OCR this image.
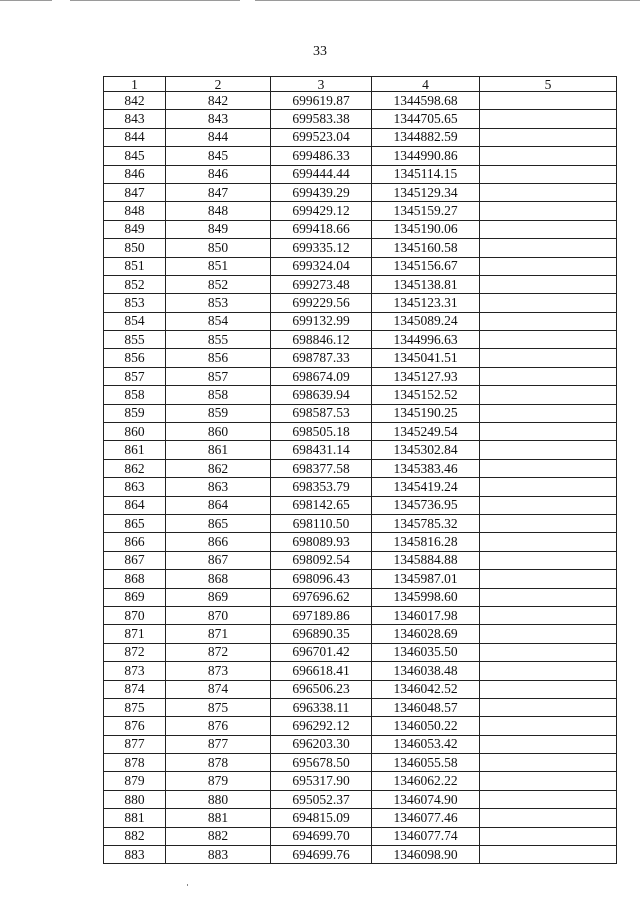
33
1	2	3	4	5
842	842	699619.87	1344598.68	
843	843	699583.38	1344705.65	
844	844	699523.04	1344882.59	
845	845	699486.33	1344990.86	
846	846	699444.44	1345114.15	
847	847	699439.29	1345129.34	
848	848	699429.12	1345159.27	
849	849	699418.66	1345190.06	
850	850	699335.12	1345160.58	
851	851	699324.04	1345156.67	
852	852	699273.48	1345138.81	
853	853	699229.56	1345123.31	
854	854	699132.99	1345089.24	
855	855	698846.12	1344996.63	
856	856	698787.33	1345041.51	
857	857	698674.09	1345127.93	
858	858	698639.94	1345152.52	
859	859	698587.53	1345190.25	
860	860	698505.18	1345249.54	
861	861	698431.14	1345302.84	
862	862	698377.58	1345383.46	
863	863	698353.79	1345419.24	
864	864	698142.65	1345736.95	
865	865	698110.50	1345785.32	
866	866	698089.93	1345816.28	
867	867	698092.54	1345884.88	
868	868	698096.43	1345987.01	
869	869	697696.62	1345998.60	
870	870	697189.86	1346017.98	
871	871	696890.35	1346028.69	
872	872	696701.42	1346035.50	
873	873	696618.41	1346038.48	
874	874	696506.23	1346042.52	
875	875	696338.11	1346048.57	
876	876	696292.12	1346050.22	
877	877	696203.30	1346053.42	
878	878	695678.50	1346055.58	
879	879	695317.90	1346062.22	
880	880	695052.37	1346074.90	
881	881	694815.09	1346077.46	
882	882	694699.70	1346077.74	
883	883	694699.76	1346098.90	
